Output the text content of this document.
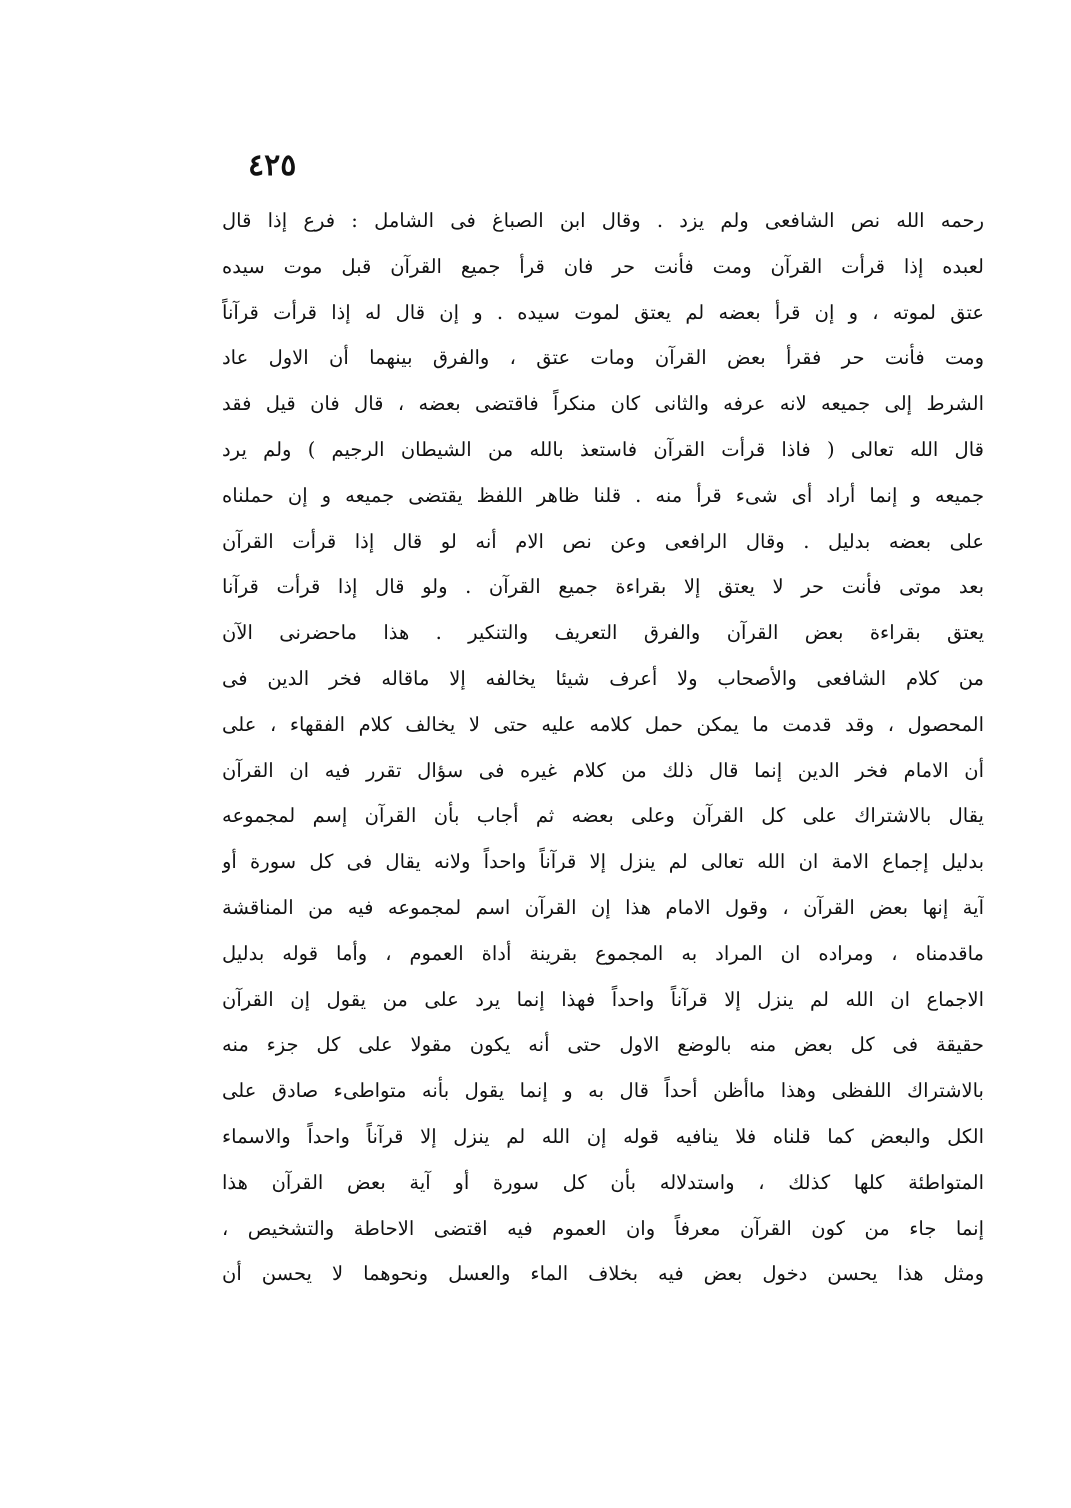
٤٢٥
رحمه الله نص الشافعى ولم يزد . وقال ابن الصباغ فى الشامل : فرع إذا قال
لعبده إذا قرأت القرآن ومت فأنت حر فان قرأ جميع القرآن قبل موت سيده
عتق لموته ، و إن قرأ بعضه لم يعتق لموت سيده . و إن قال له إذا قرأت قرآناً
ومت فأنت حر فقرأ بعض القرآن ومات عتق ، والفرق بينهما أن الاول عاد
الشرط إلى جميعه لانه عرفه والثانى كان منكراً فاقتضى بعضه ، قال فان قيل فقد
قال الله تعالى ( فاذا قرأت القرآن فاستعذ بالله من الشيطان الرجيم ) ولم يرد
جميعه و إنما أراد أى شىء قرأ منه . قلنا ظاهر اللفظ يقتضى جميعه و إن حملناه
على بعضه بدليل . وقال الرافعى وعن نص الام أنه لو قال إذا قرأت القرآن
بعد موتى فأنت حر لا يعتق إلا بقراءة جميع القرآن . ولو قال إذا قرأت قرآنا
يعتق بقراءة بعض القرآن والفرق التعريف والتنكير . هذا ماحضرنى الآن
من كلام الشافعى والأصحاب ولا أعرف شيئا يخالفه إلا ماقاله فخر الدين فى
المحصول ، وقد قدمت ما يمكن حمل كلامه عليه حتى لا يخالف كلام الفقهاء ، على
أن الامام فخر الدين إنما قال ذلك من كلام غيره فى سؤال تقرر فيه ان القرآن
يقال بالاشتراك على كل القرآن وعلى بعضه ثم أجاب بأن القرآن إسم لمجموعه
بدليل إجماع الامة ان الله تعالى لم ينزل إلا قرآناً واحداً ولانه يقال فى كل سورة أو
آية إنها بعض القرآن ، وقول الامام هذا إن القرآن اسم لمجموعه فيه من المناقشة
ماقدمناه ، ومراده ان المراد به المجموع بقرينة أداة العموم ، وأما قوله بدليل
الاجماع ان الله لم ينزل إلا قرآناً واحداً فهذا إنما يرد على من يقول إن القرآن
حقيقة فى كل بعض منه بالوضع الاول حتى أنه يكون مقولا على كل جزء منه
بالاشتراك اللفظى وهذا ماأظن أحداً قال به و إنما يقول بأنه متواطىء صادق على
الكل والبعض كما قلناه فلا ينافيه قوله إن الله لم ينزل إلا قرآناً واحداً والاسماء
المتواطئة كلها كذلك ، واستدلاله بأن كل سورة أو آية بعض القرآن هذا
إنما جاء من كون القرآن معرفاً وان العموم فيه اقتضى الاحاطة والتشخيص ،
ومثل هذا يحسن دخول بعض فيه بخلاف الماء والعسل ونحوهما لا يحسن أن
